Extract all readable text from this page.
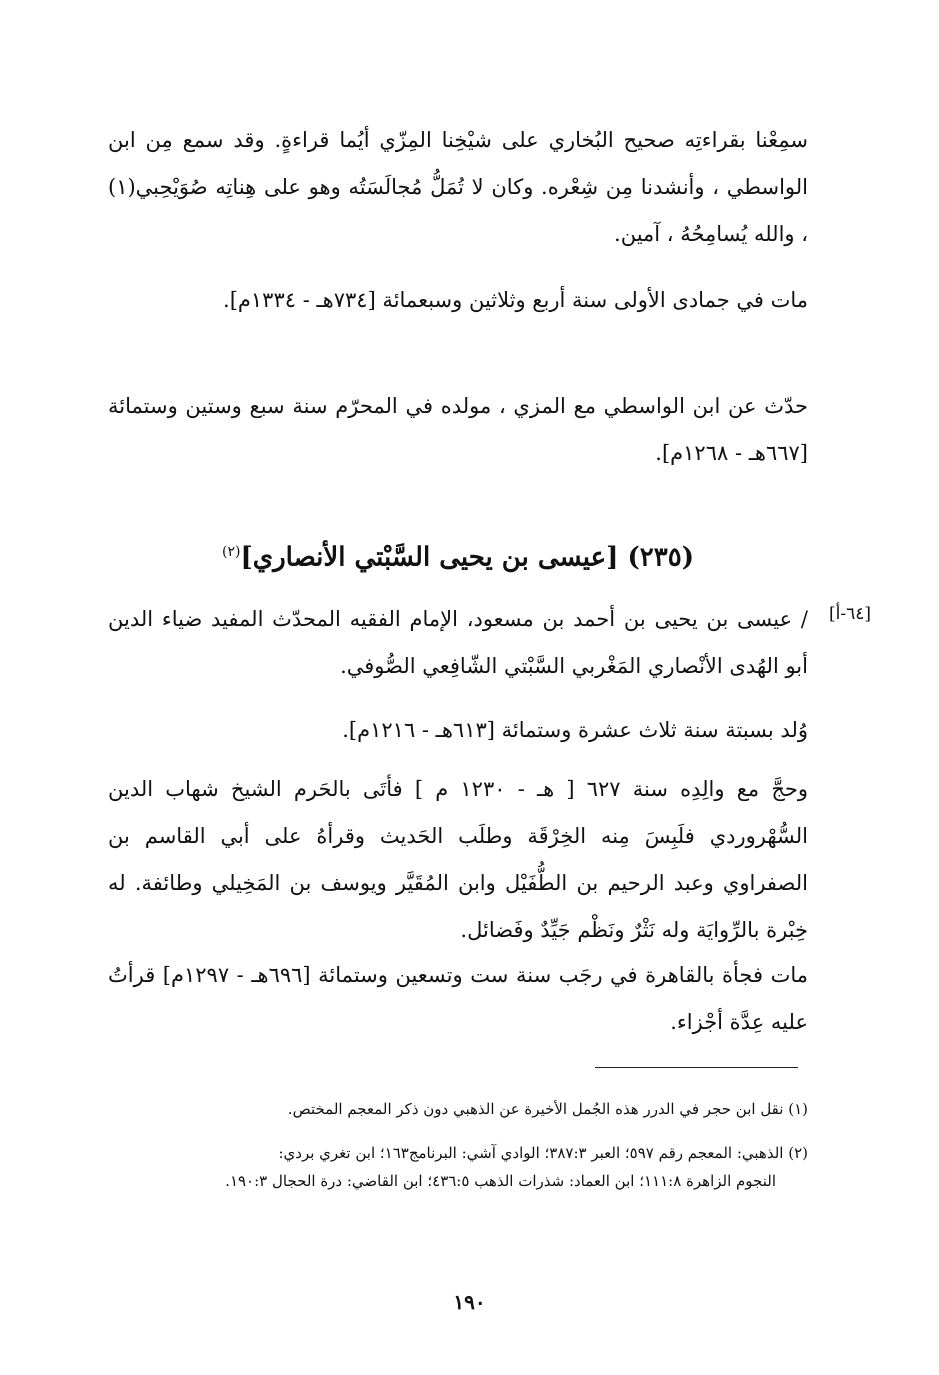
سمِعْنا بقراءتِه صحيح البُخاري على شيْخِنا المِزّي أيُما قراءةٍ. وقد سمع مِن ابن الواسطي ، وأنشدنا مِن شِعْره. وكان لا تُمَلُّ مُجالَسَتُه وهو على هِناتِه صُوَيْحِبي(١) ، والله يُسامِحُهُ ، آمين.
مات في جمادى الأولى سنة أربع وثلاثين وسبعمائة [٧٣٤هـ - ١٣٣٤م].
حدّث عن ابن الواسطي مع المزي ، مولده في المحرّم سنة سبع وستين وستمائة [٦٦٧هـ - ١٢٦٨م].
(٢٣٥) [عيسى بن يحيى السَّبْتي الأنصاري]$^{(٢)}$
[٦٤-أ]
/ عيسى بن يحيى بن أحمد بن مسعود، الإمام الفقيه المحدّث المفيد ضياء الدين أبو الهُدى الأنْصاري المَغْربي السَّبْتي الشّافِعي الصُّوفي.
وُلد بسبتة سنة ثلاث عشرة وستمائة [٦١٣هـ - ١٢١٦م].
وحجَّ مع والِدِه سنة ٦٢٧ [ هـ - ١٢٣٠ م ] فأتَى بالحَرم الشيخ شهاب الدين السُّهْروردي فلَبِسَ مِنه الخِرْقَة وطلَب الحَديث وقرأهُ على أبي القاسم بن الصفراوي وعبد الرحيم بن الطُّفَيْل وابن المُقَيَّر ويوسف بن المَخِيلي وطائفة. له خِبْرة بالرِّوايَة وله نَثْرٌ ونَظْم جَيِّدٌ وفَضائل.
مات فجأة بالقاهرة في رجَب سنة ست وتسعين وستمائة [٦٩٦هـ - ١٢٩٧م] قرأتُ عليه عِدَّة أجْزاء.
(١) نقل ابن حجر في الدرر هذه الجُمل الأخيرة عن الذهبي دون ذكر المعجم المختص.
(٢) الذهبي: المعجم رقم ٥٩٧؛ العبر ٣٨٧:٣؛ الوادي آشي: البرنامج١٦٣؛ ابن تغري بردي:
النجوم الزاهرة ١١١:٨؛ ابن العماد: شذرات الذهب ٤٣٦:٥؛ ابن القاضي: درة الحجال ١٩٠:٣.
١٩٠
